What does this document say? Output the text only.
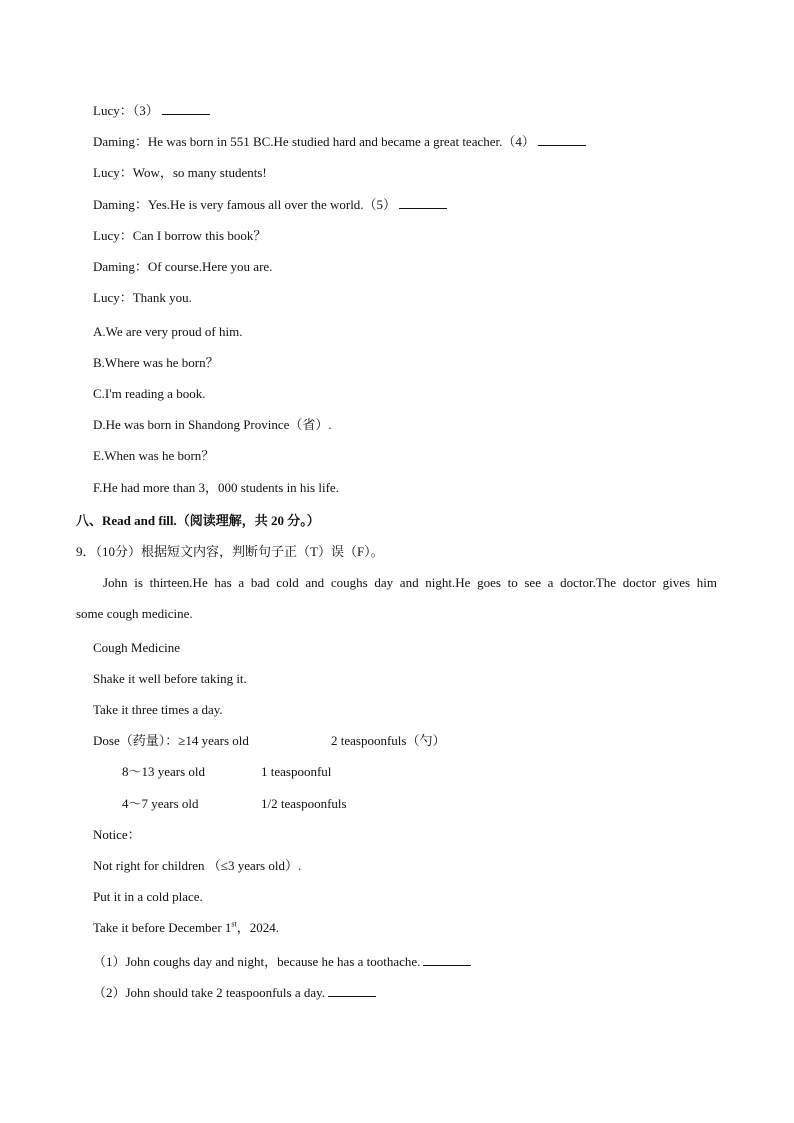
Lucy：（3）
Daming：He was born in 551 BC.He studied hard and became a great teacher.（4）
Lucy：Wow，so many students!
Daming：Yes.He is very famous all over the world.（5）
Lucy：Can I borrow this book？
Daming：Of course.Here you are.
Lucy：Thank you.
A.We are very proud of him.
B.Where was he born？
C.I'm reading a book.
D.He was born in Shandong Province（省）.
E.When was he born？
F.He had more than 3，000 students in his life.
八、Read and fill.（阅读理解，共 20 分。）
9．（10分）根据短文内容，判断句子正（T）误（F）。
John is thirteen.He has a bad cold and coughs day and night.He goes to see a doctor.The doctor gives him
some cough medicine.
Cough Medicine
Shake it well before taking it.
Take it three times a day.
Dose（药量）：≥14 years old	2 teaspoonfuls（勺）
8～13 years old	1 teaspoonful
4～7 years old	1/2 teaspoonfuls
Notice：
Not right for children （≤3 years old）.
Put it in a cold place.
Take it before December 1st，2024.
（1）John coughs day and night，because he has a toothache.
（2）John should take 2 teaspoonfuls a day.
